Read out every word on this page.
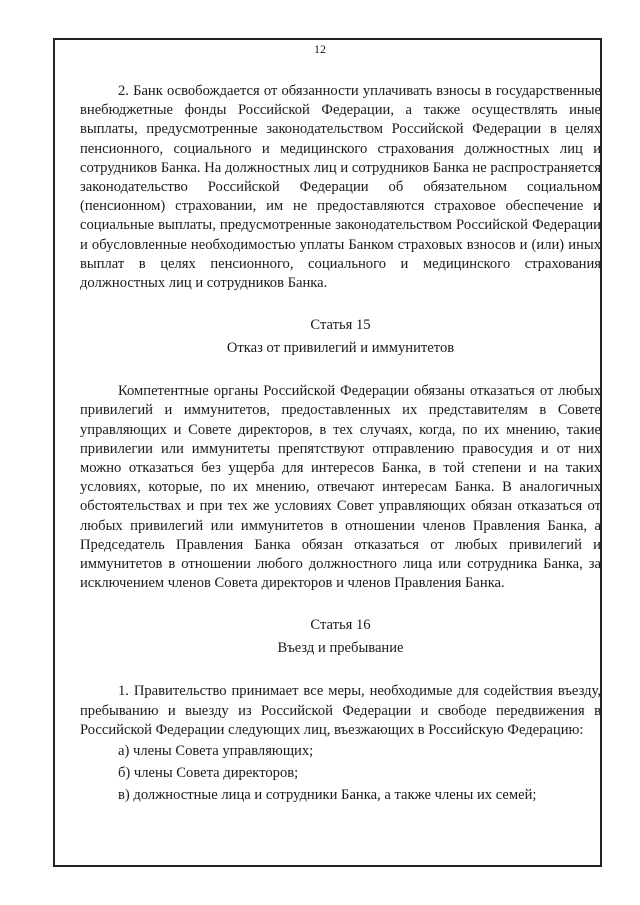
12

2. Банк освобождается от обязанности уплачивать взносы в государственные внебюджетные фонды Российской Федерации, а также осуществлять иные выплаты, предусмотренные законодательством Российской Федерации в целях пенсионного, социального и медицинского страхования должностных лиц и сотрудников Банка. На должностных лиц и сотрудников Банка не распространяется законодательство Российской Федерации об обязательном социальном (пенсионном) страховании, им не предоставляются страховое обеспечение и социальные выплаты, предусмотренные законодательством Российской Федерации и обусловленные необходимостью уплаты Банком страховых взносов и (или) иных выплат в целях пенсионного, социального и медицинского страхования должностных лиц и сотрудников Банка.

Статья 15

Отказ от привилегий и иммунитетов

Компетентные органы Российской Федерации обязаны отказаться от любых привилегий и иммунитетов, предоставленных их представителям в Совете управляющих и Совете директоров, в тех случаях, когда, по их мнению, такие привилегии или иммунитеты препятствуют отправлению правосудия и от них можно отказаться без ущерба для интересов Банка, в той степени и на таких условиях, которые, по их мнению, отвечают интересам Банка. В аналогичных обстоятельствах и при тех же условиях Совет управляющих обязан отказаться от любых привилегий или иммунитетов в отношении членов Правления Банка, а Председатель Правления Банка обязан отказаться от любых привилегий и иммунитетов в отношении любого должностного лица или сотрудника Банка, за исключением членов Совета директоров и членов Правления Банка.

Статья 16

Въезд и пребывание

1. Правительство принимает все меры, необходимые для содействия въезду, пребыванию и выезду из Российской Федерации и свободе передвижения в Российской Федерации следующих лиц, въезжающих в Российскую Федерацию:

а) члены Совета управляющих;

б) члены Совета директоров;

в) должностные лица и сотрудники Банка, а также члены их семей;
